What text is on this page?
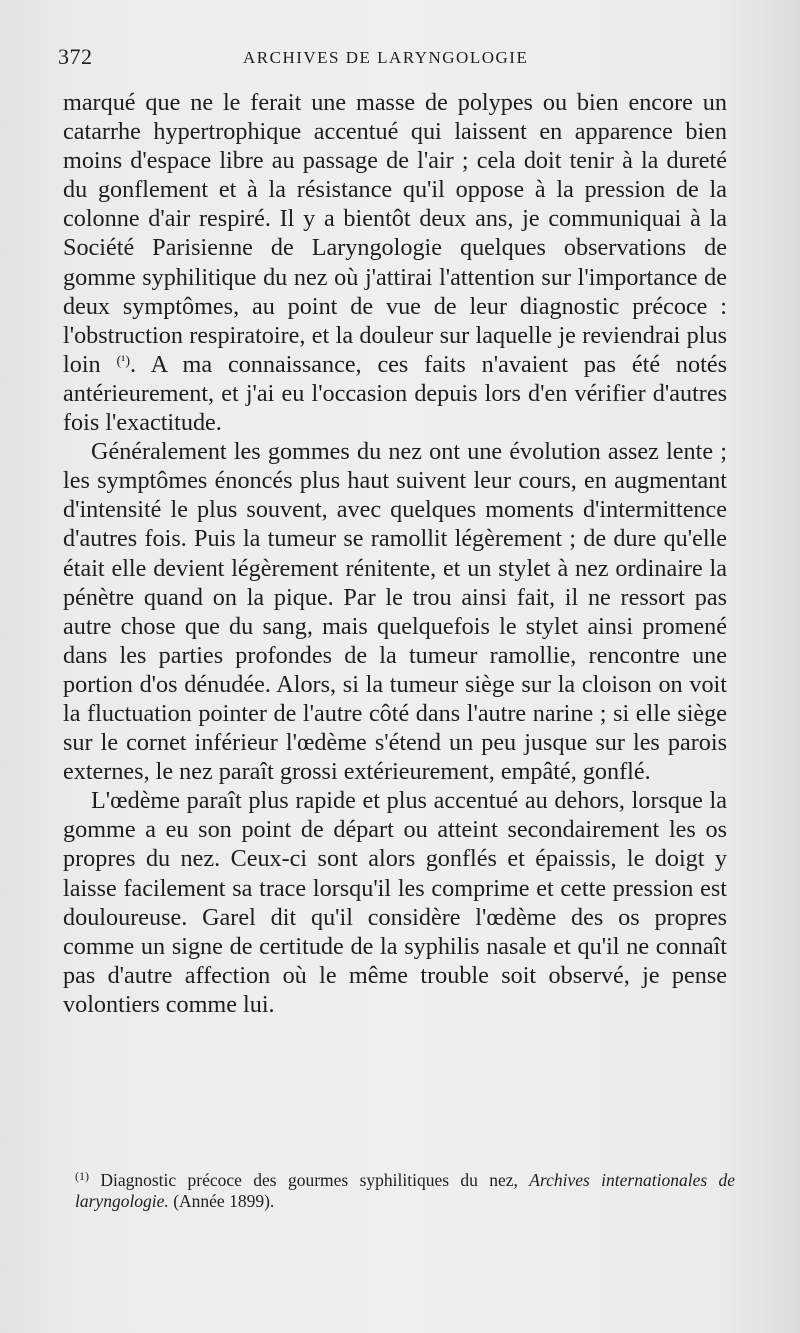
372	ARCHIVES DE LARYNGOLOGIE

marqué que ne le ferait une masse de polypes ou bien encore un catarrhe hypertrophique accentué qui laissent en apparence bien moins d'espace libre au passage de l'air ; cela doit tenir à la dureté du gonflement et à la résistance qu'il oppose à la pression de la colonne d'air respiré. Il y a bientôt deux ans, je communiquai à la Société Parisienne de Laryngologie quelques observations de gomme syphilitique du nez où j'attirai l'attention sur l'importance de deux symptômes, au point de vue de leur diagnostic précoce : l'obstruction respiratoire, et la douleur sur laquelle je reviendrai plus loin $^{(^1)}$. A ma connaissance, ces faits n'avaient pas été notés antérieurement, et j'ai eu l'occasion depuis lors d'en vérifier d'autres fois l'exactitude.

Généralement les gommes du nez ont une évolution assez lente ; les symptômes énoncés plus haut suivent leur cours, en augmentant d'intensité le plus souvent, avec quelques moments d'intermittence d'autres fois. Puis la tumeur se ramollit légèrement ; de dure qu'elle était elle devient légèrement rénitente, et un stylet à nez ordinaire la pénètre quand on la pique. Par le trou ainsi fait, il ne ressort pas autre chose que du sang, mais quelquefois le stylet ainsi promené dans les parties profondes de la tumeur ramollie, rencontre une portion d'os dénudée. Alors, si la tumeur siège sur la cloison on voit la fluctuation pointer de l'autre côté dans l'autre narine ; si elle siège sur le cornet inférieur l'œdème s'étend un peu jusque sur les parois externes, le nez paraît grossi extérieurement, empâté, gonflé.

L'œdème paraît plus rapide et plus accentué au dehors, lorsque la gomme a eu son point de départ ou atteint secondairement les os propres du nez. Ceux-ci sont alors gonflés et épaissis, le doigt y laisse facilement sa trace lorsqu'il les comprime et cette pression est douloureuse. Garel dit qu'il considère l'œdème des os propres comme un signe de certitude de la syphilis nasale et qu'il ne connaît pas d'autre affection où le même trouble soit observé, je pense volontiers comme lui.

$^{(1)}$ Diagnostic précoce des gourmes syphilitiques du nez, Archives internationales de laryngologie. (Année 1899).
